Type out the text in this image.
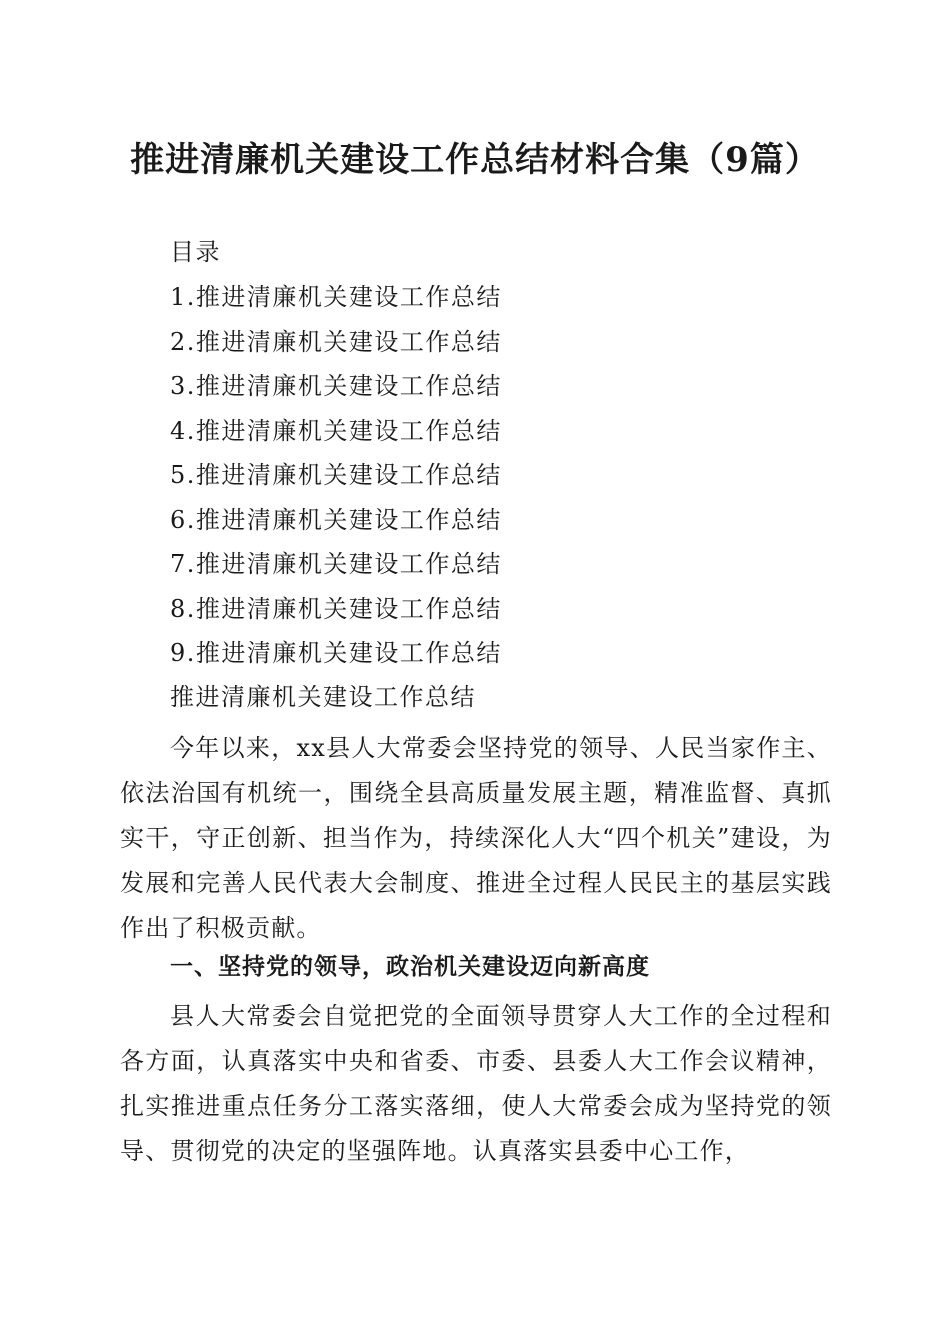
推进清廉机关建设工作总结材料合集（9篇）
目录
1.推进清廉机关建设工作总结
2.推进清廉机关建设工作总结
3.推进清廉机关建设工作总结
4.推进清廉机关建设工作总结
5.推进清廉机关建设工作总结
6.推进清廉机关建设工作总结
7.推进清廉机关建设工作总结
8.推进清廉机关建设工作总结
9.推进清廉机关建设工作总结
推进清廉机关建设工作总结
今年以来，xx县人大常委会坚持党的领导、人民当家作主、依法治国有机统一，围绕全县高质量发展主题，精准监督、真抓实干，守正创新、担当作为，持续深化人大“四个机关”建设，为发展和完善人民代表大会制度、推进全过程人民民主的基层实践作出了积极贡献。
一、坚持党的领导，政治机关建设迈向新高度
县人大常委会自觉把党的全面领导贯穿人大工作的全过程和各方面，认真落实中央和省委、市委、县委人大工作会议精神，扎实推进重点任务分工落实落细，使人大常委会成为坚持党的领导、贯彻党的决定的坚强阵地。认真落实县委中心工作，
